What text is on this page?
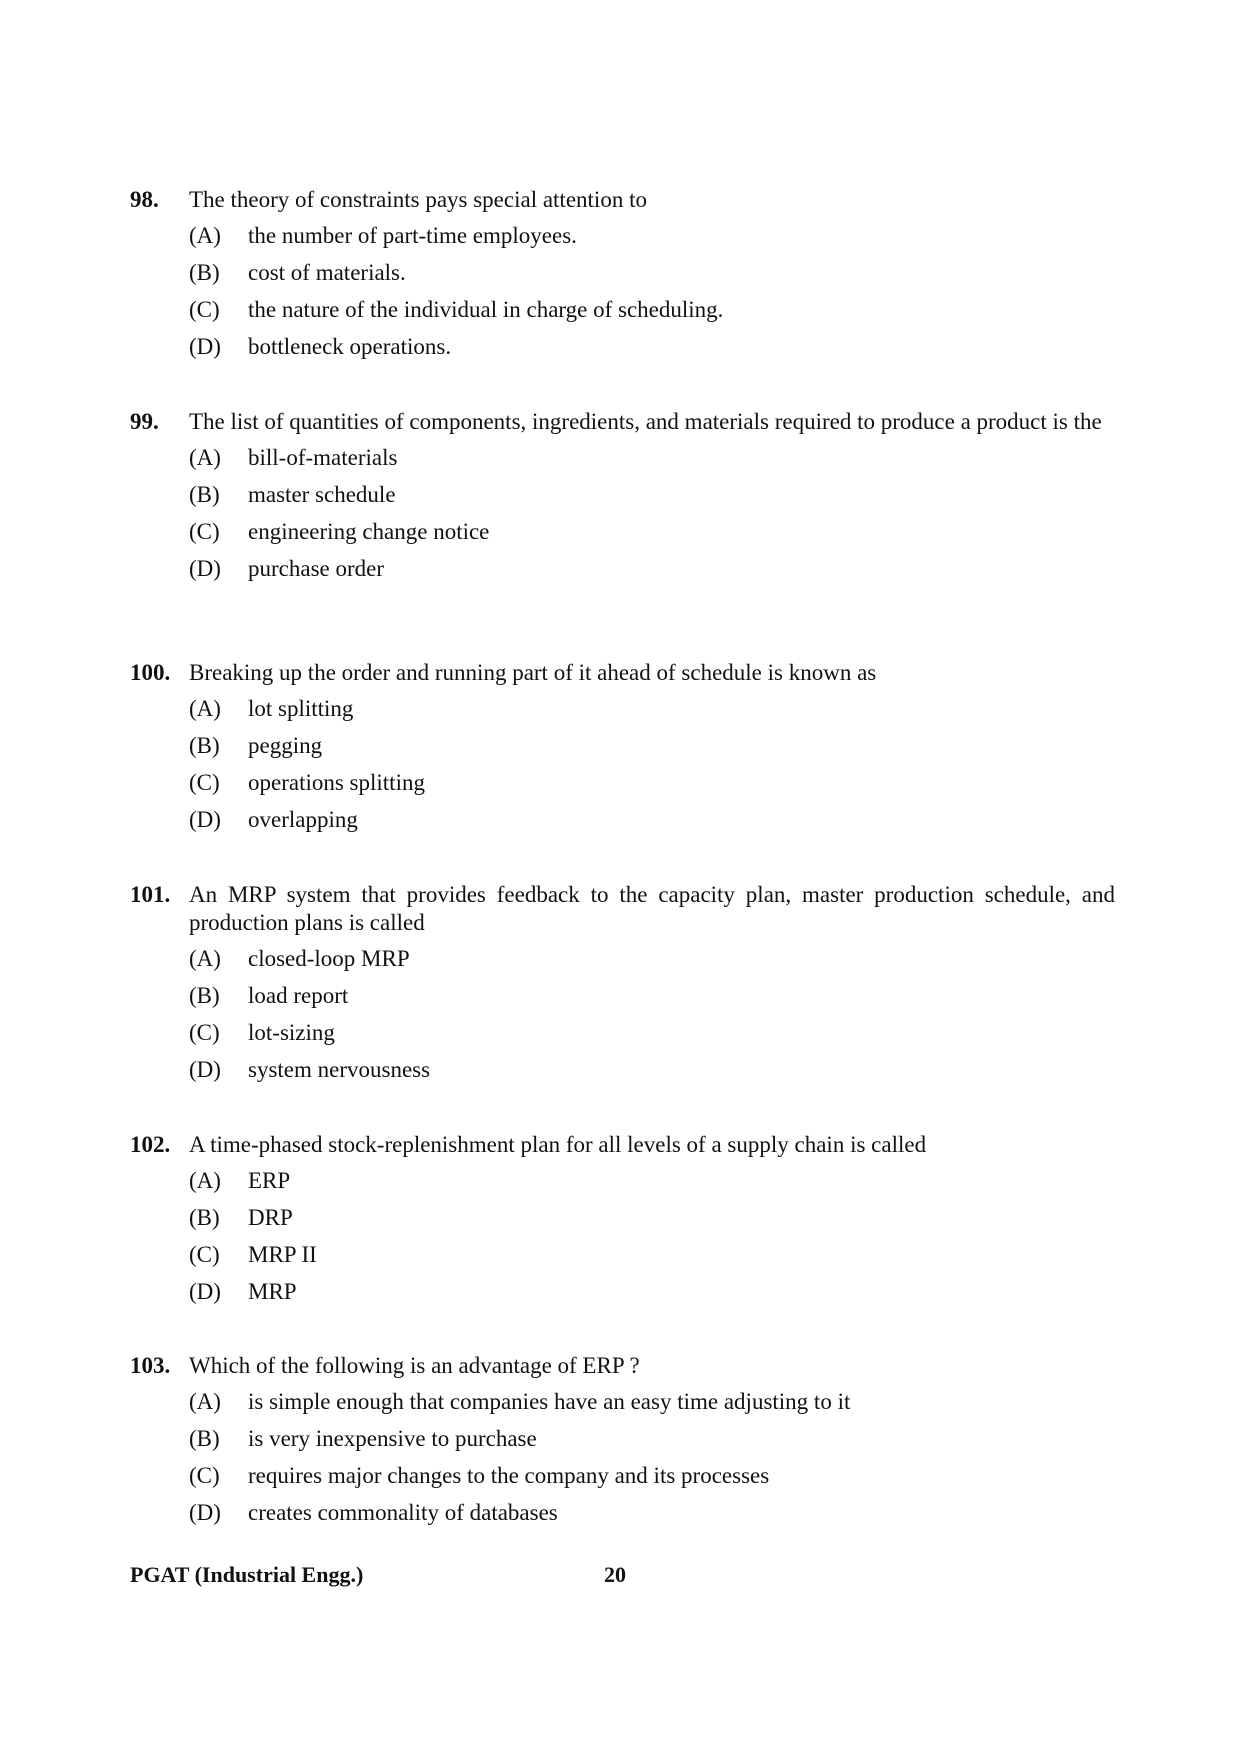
98.	The theory of constraints pays special attention to
(A)	the number of part-time employees.
(B)	cost of materials.
(C)	the nature of the individual in charge of scheduling.
(D)	bottleneck operations.
99.	The list of quantities of components, ingredients, and materials required to produce a product is the
(A)	bill-of-materials
(B)	master schedule
(C)	engineering change notice
(D)	purchase order
100. Breaking up the order and running part of it ahead of schedule is known as
(A)	lot splitting
(B)	pegging
(C)	operations splitting
(D)	overlapping
101. An MRP system that provides feedback to the capacity plan, master production schedule, and production plans is called
(A)	closed-loop MRP
(B)	load report
(C)	lot-sizing
(D)	system nervousness
102. A time-phased stock-replenishment plan for all levels of a supply chain is called
(A)	ERP
(B)	DRP
(C)	MRP II
(D)	MRP
103. Which of the following is an advantage of ERP ?
(A)	is simple enough that companies have an easy time adjusting to it
(B)	is very inexpensive to purchase
(C)	requires major changes to the company and its processes
(D)	creates commonality of databases
PGAT (Industrial Engg.)	20
